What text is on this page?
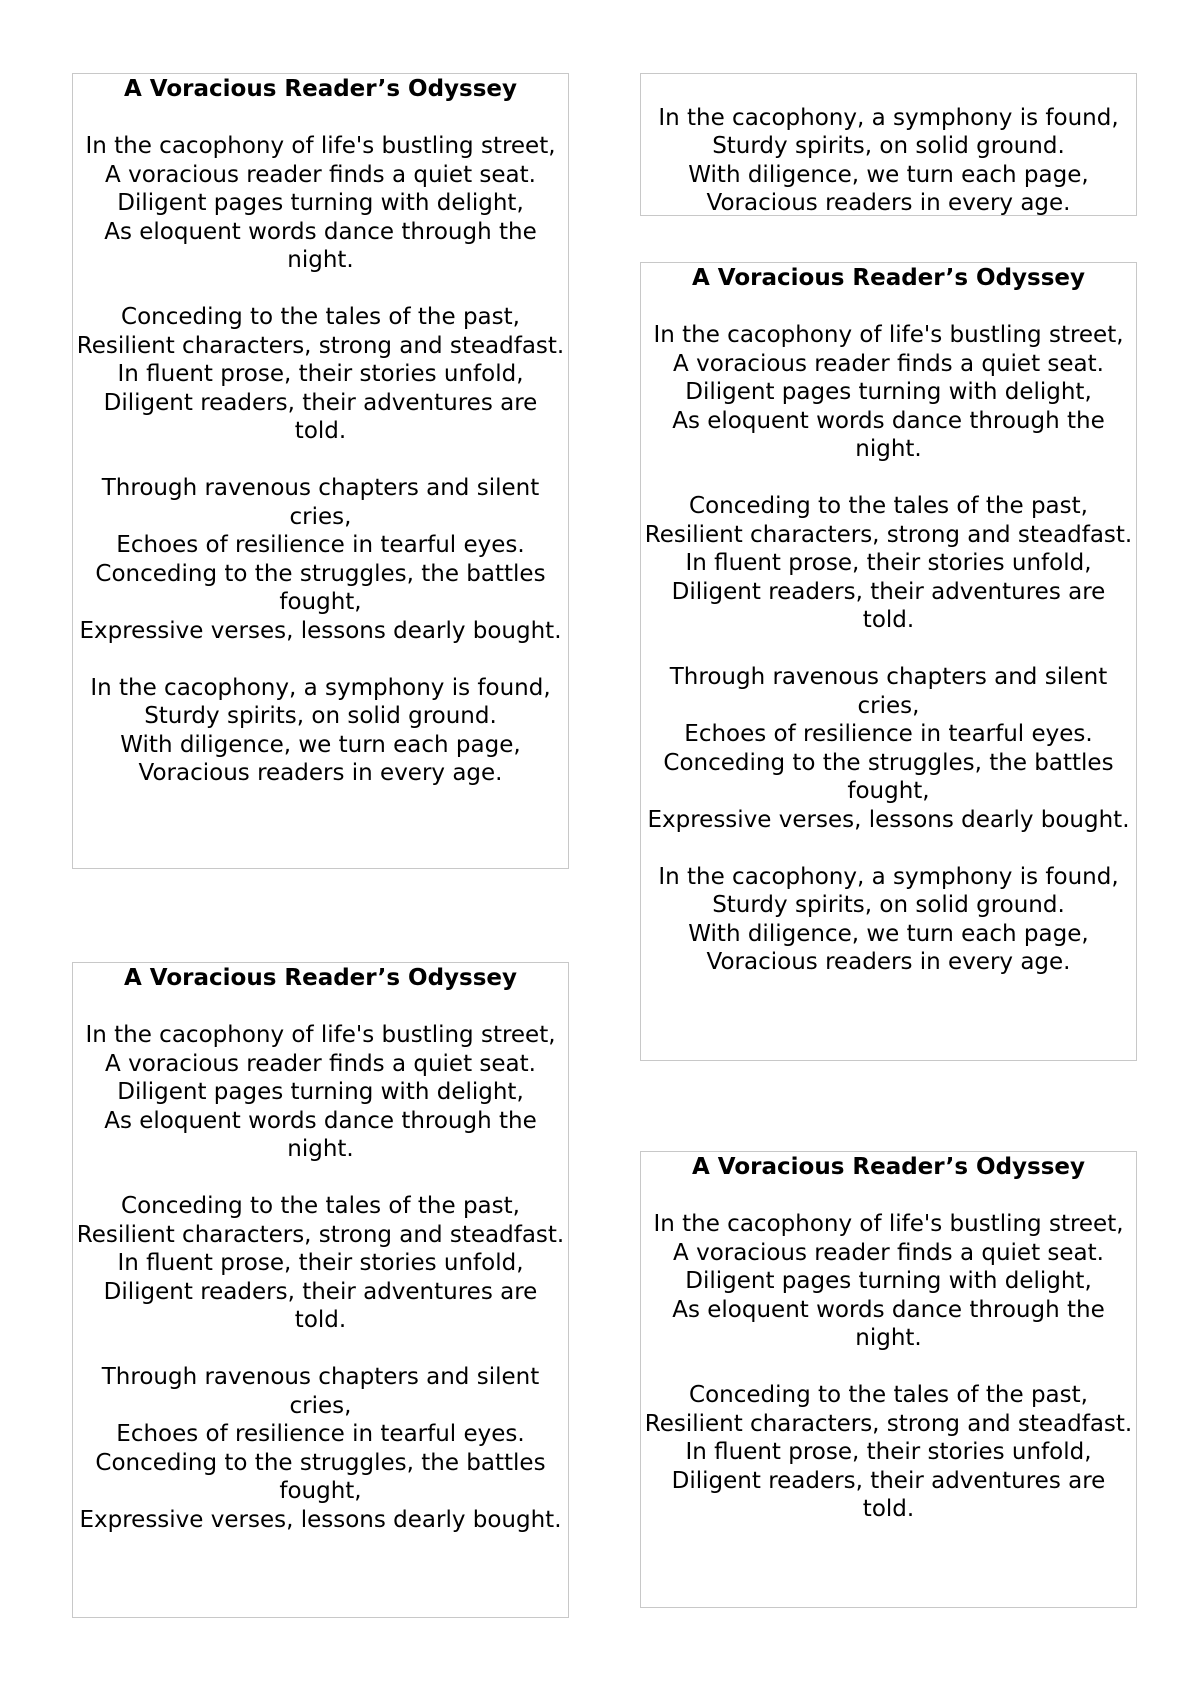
A Voracious Reader’s Odyssey
In the cacophony of life's bustling street,
A voracious reader finds a quiet seat.
Diligent pages turning with delight,
As eloquent words dance through the night.
Conceding to the tales of the past,
Resilient characters, strong and steadfast.
In fluent prose, their stories unfold,
Diligent readers, their adventures are told.
Through ravenous chapters and silent cries,
Echoes of resilience in tearful eyes.
Conceding to the struggles, the battles fought,
Expressive verses, lessons dearly bought.
In the cacophony, a symphony is found,
Sturdy spirits, on solid ground.
With diligence, we turn each page,
Voracious readers in every age.
In the cacophony, a symphony is found,
Sturdy spirits, on solid ground.
With diligence, we turn each page,
Voracious readers in every age.
A Voracious Reader’s Odyssey
In the cacophony of life's bustling street,
A voracious reader finds a quiet seat.
Diligent pages turning with delight,
As eloquent words dance through the night.
Conceding to the tales of the past,
Resilient characters, strong and steadfast.
In fluent prose, their stories unfold,
Diligent readers, their adventures are told.
Through ravenous chapters and silent cries,
Echoes of resilience in tearful eyes.
Conceding to the struggles, the battles fought,
Expressive verses, lessons dearly bought.
In the cacophony, a symphony is found,
Sturdy spirits, on solid ground.
With diligence, we turn each page,
Voracious readers in every age.
A Voracious Reader’s Odyssey
In the cacophony of life's bustling street,
A voracious reader finds a quiet seat.
Diligent pages turning with delight,
As eloquent words dance through the night.
Conceding to the tales of the past,
Resilient characters, strong and steadfast.
In fluent prose, their stories unfold,
Diligent readers, their adventures are told.
Through ravenous chapters and silent cries,
Echoes of resilience in tearful eyes.
Conceding to the struggles, the battles fought,
Expressive verses, lessons dearly bought.
A Voracious Reader’s Odyssey
In the cacophony of life's bustling street,
A voracious reader finds a quiet seat.
Diligent pages turning with delight,
As eloquent words dance through the night.
Conceding to the tales of the past,
Resilient characters, strong and steadfast.
In fluent prose, their stories unfold,
Diligent readers, their adventures are told.
